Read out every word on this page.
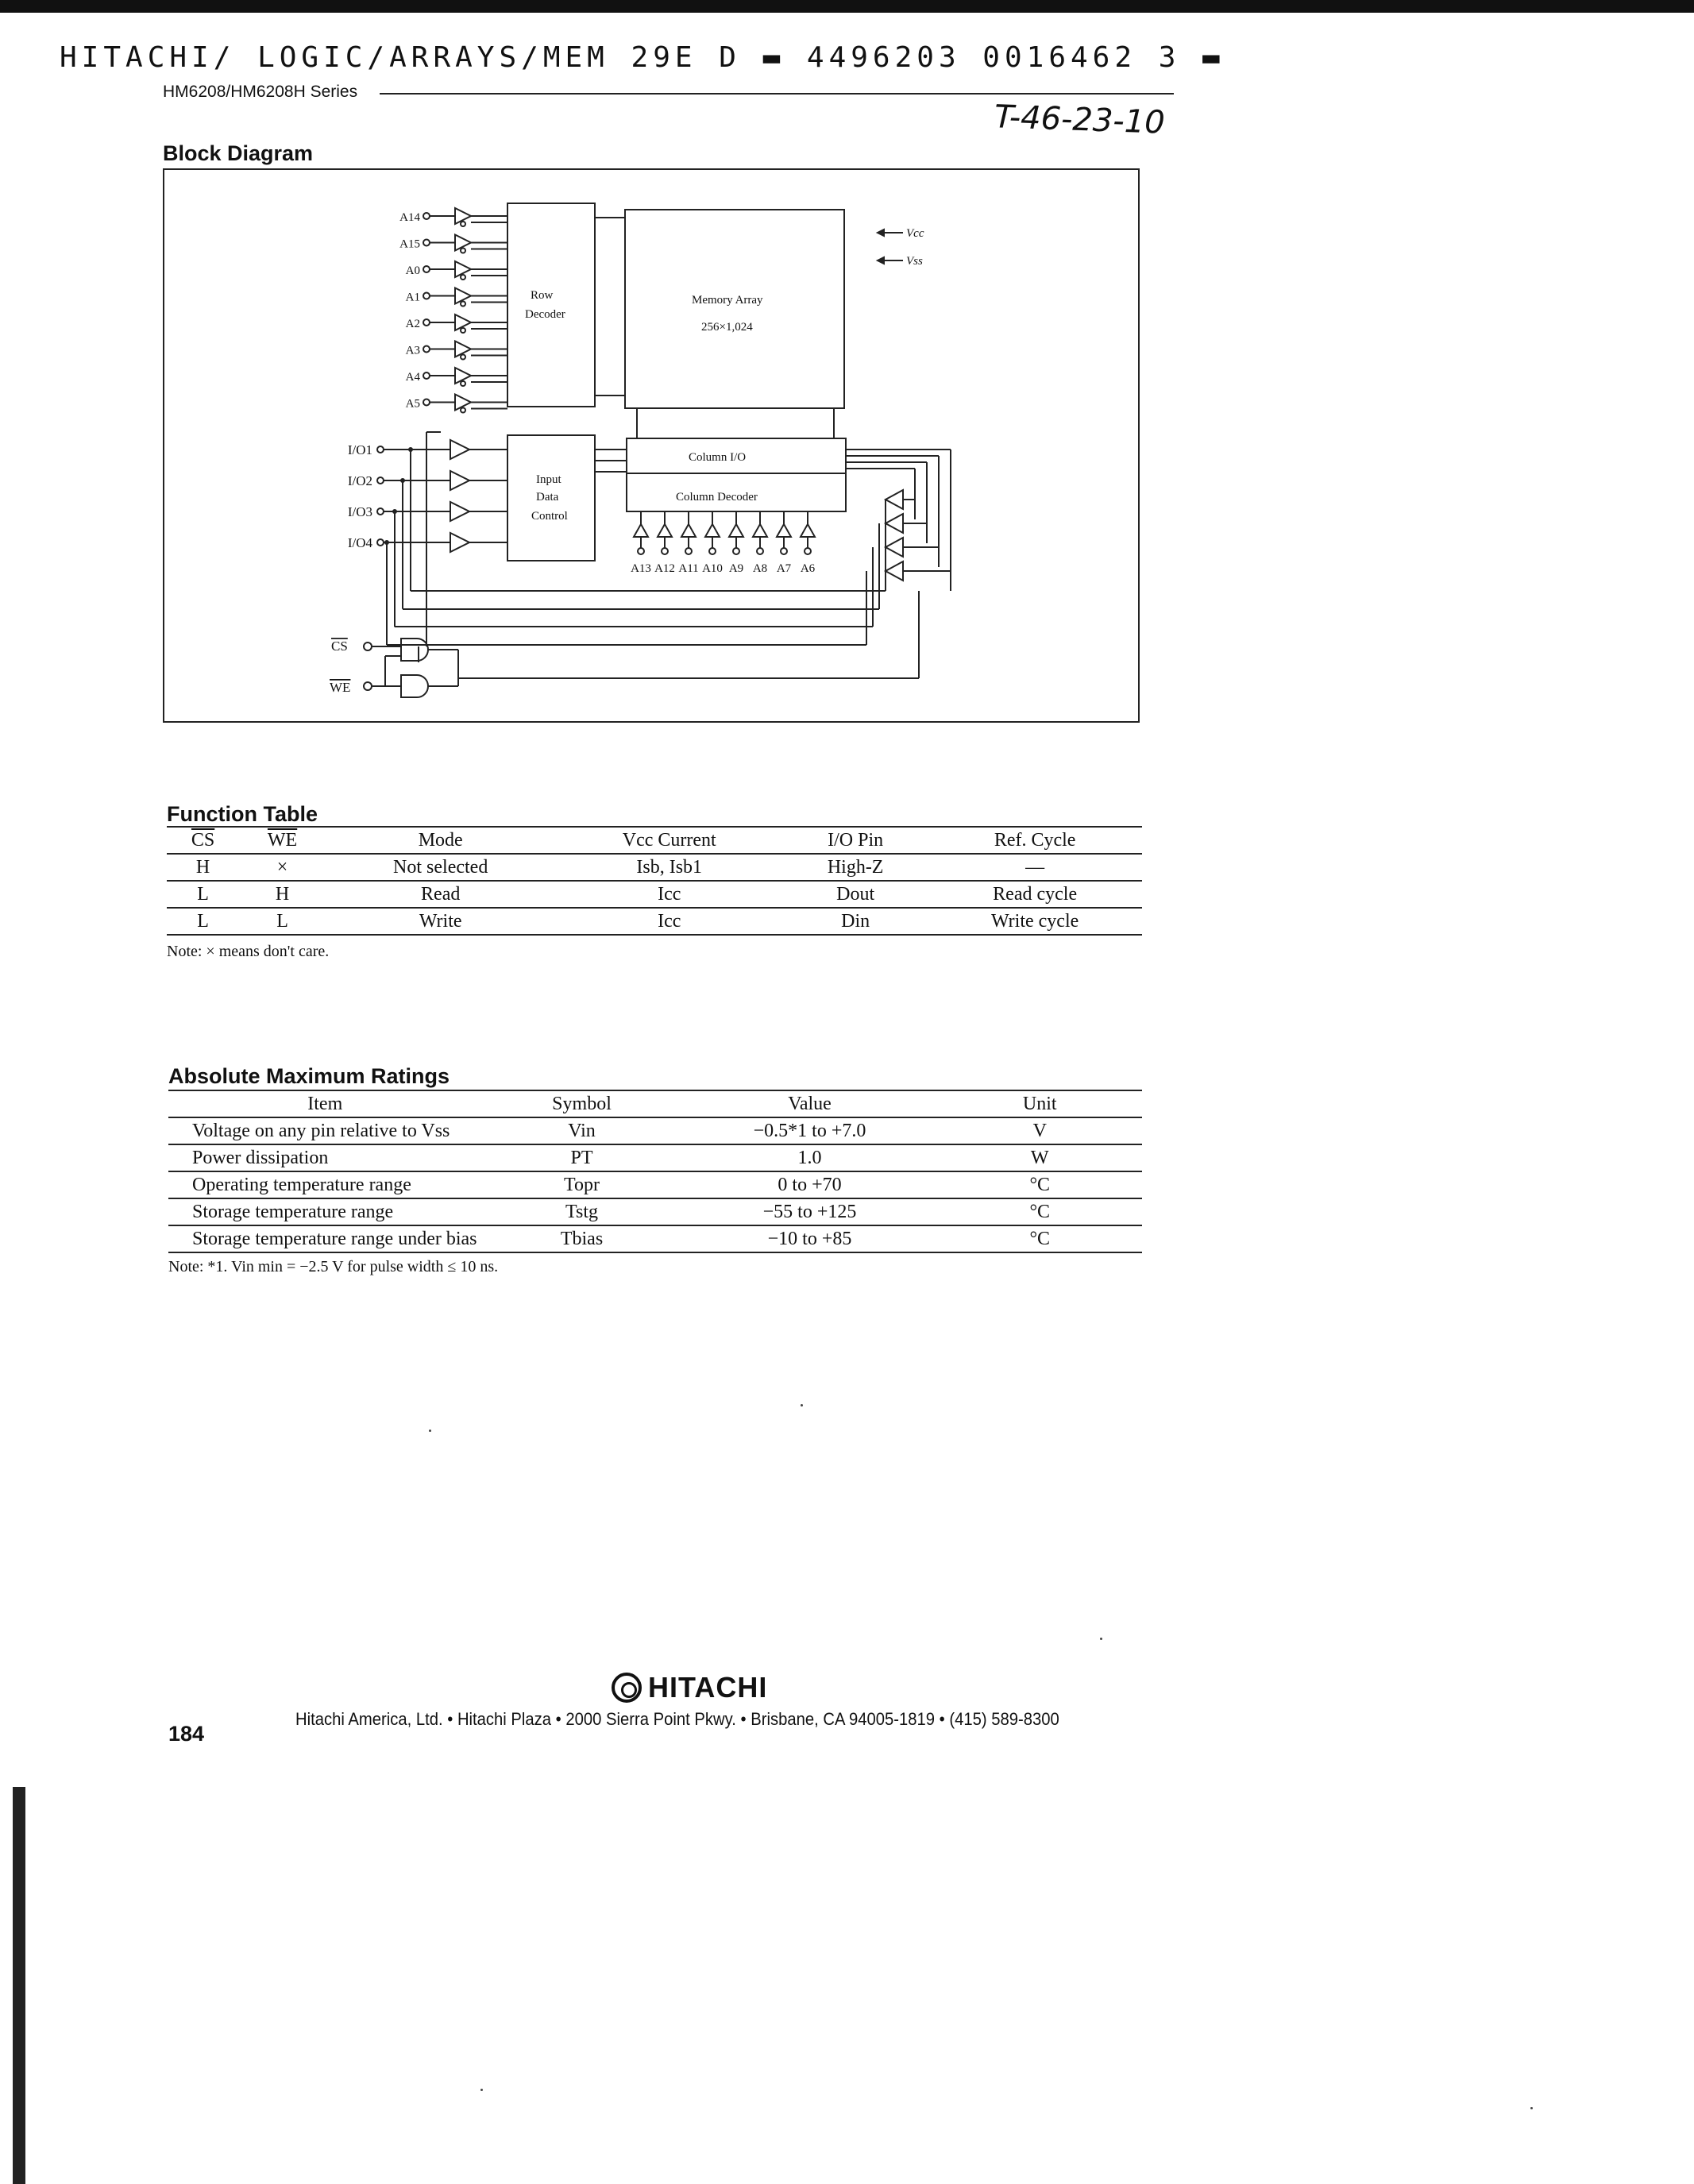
HITACHI/ LOGIC/ARRAYS/MEM 29E D ▬ 4496203 0016462 3 ▬
HM6208/HM6208H Series
T-46-23-10
Block Diagram
A14
A15
A0
A1
A2
A3
A4
A5
I/O1
I/O2
I/O3
I/O4
A13 A12 A11 A10 A9 A8 A7 A6
Row
Decoder
Memory Array
256×1,024
Input
Data
Control
Column I/O
Column Decoder
Vcc
Vss
CS
WE
Function Table
$\overline{CS}$	$\overline{WE}$	Mode	Vcc Current	I/O Pin	Ref. Cycle
H	×	Not selected	Isb, Isb1	High-Z	—
L	H	Read	Icc	Dout	Read cycle
L	L	Write	Icc	Din	Write cycle
Note: × means don't care.
Absolute Maximum Ratings
Item	Symbol	Value	Unit
Voltage on any pin relative to Vss	Vin	−0.5*1 to +7.0	V
Power dissipation	PT	1.0	W
Operating temperature range	Topr	0 to +70	°C
Storage temperature range	Tstg	−55 to +125	°C
Storage temperature range under bias	Tbias	−10 to +85	°C
Note: *1. Vin min = −2.5 V for pulse width ≤ 10 ns.
HITACHI
Hitachi America, Ltd. • Hitachi Plaza • 2000 Sierra Point Pkwy. • Brisbane, CA 94005-1819 • (415) 589-8300
184
